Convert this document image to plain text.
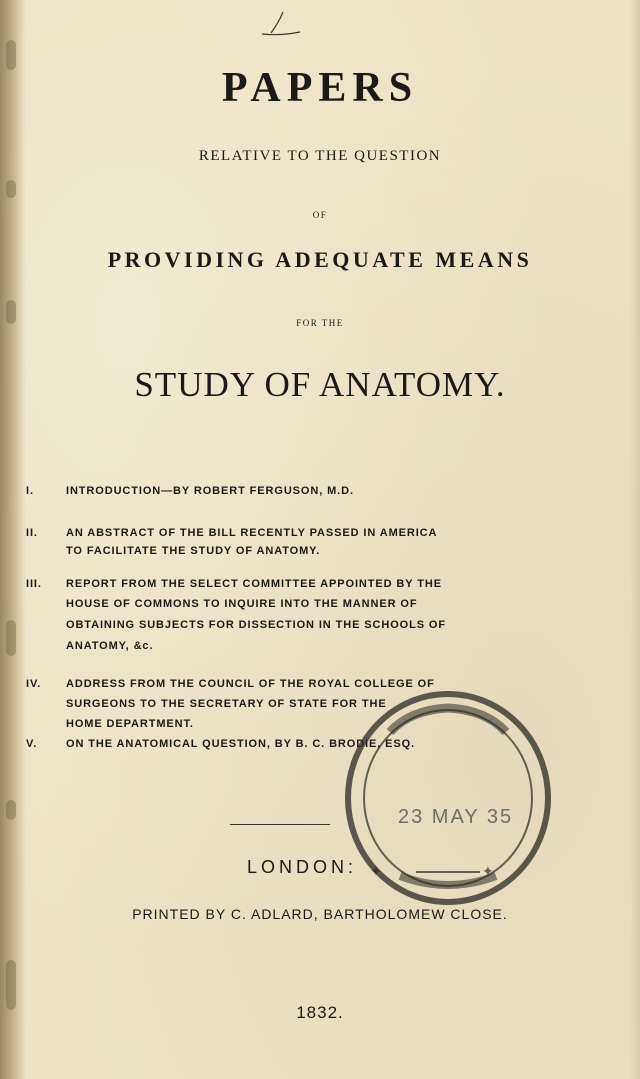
PAPERS
RELATIVE TO THE QUESTION
OF
PROVIDING ADEQUATE MEANS
FOR THE
STUDY OF ANATOMY.
I.	INTRODUCTION—BY ROBERT FERGUSON, M.D.
II.	AN ABSTRACT OF THE BILL RECENTLY PASSED IN AMERICA
TO FACILITATE THE STUDY OF ANATOMY.
III.	REPORT FROM THE SELECT COMMITTEE APPOINTED BY THE
HOUSE OF COMMONS TO INQUIRE INTO THE MANNER OF
OBTAINING SUBJECTS FOR DISSECTION IN THE SCHOOLS OF
ANATOMY, &c.
IV.	ADDRESS FROM THE COUNCIL OF THE ROYAL COLLEGE OF
SURGEONS TO THE SECRETARY OF STATE FOR THE
HOME DEPARTMENT.
V.	ON THE ANATOMICAL QUESTION, BY B. C. BRODIE, ESQ.
LONDON:	✦
✦
23 MAY 35
PRINTED BY C. ADLARD, BARTHOLOMEW CLOSE.
1832.
